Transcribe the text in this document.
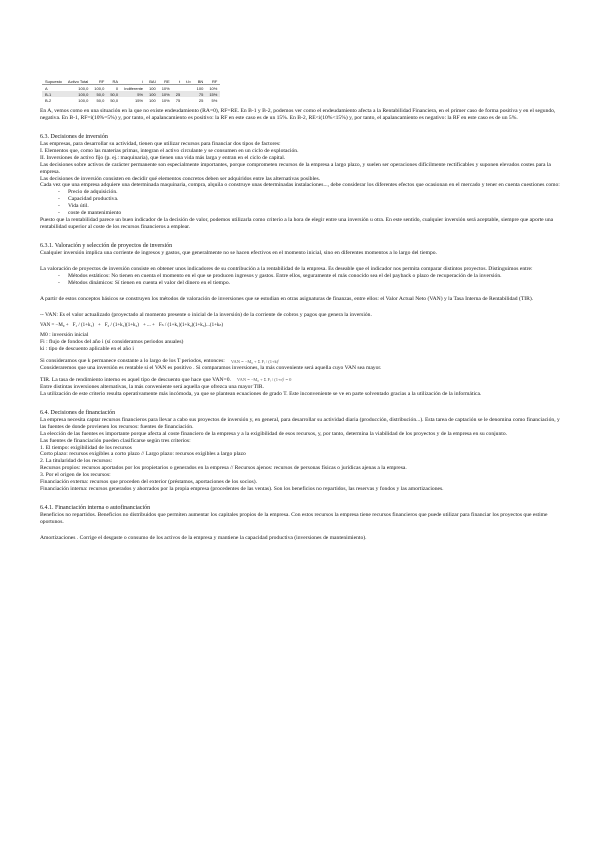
Supuesto	Activo Total	RF	RA	i	BAI	RE	t	t.b	BN	RF
A	100,0	100,0	0	Indiferente	100	10%			100	10%
B-1	100,0	50,0	50,0	5%	100	10%	25		75	15%
B-2	100,0	50,0	50,0	15%	100	10%	75		25	5%

En A, vemos como en una situación en la que no existe endeudamiento (RA=0), RF=RE. En B-1 y B-2, podemos ver como el endeudamiento afecta a la Rentabilidad Financiera, en el primer caso de forma positiva y en el segundo, negativa. En B-1, RF=i(10%=5%) y, por tanto, el apalancamiento es positivo: la RF en este caso es de un 15%. En B-2, RE<i(10%<15%) y, por tanto, el apalancamiento es negativo: la RF en este caso es de un 5%.

6.3. Decisiones de inversión

Las empresas, para desarrollar su actividad, tienen que utilizar recursos para financiar dos tipos de factores:

I. Elementos que, como las materias primas, integran el activo circulante y se consumen en un ciclo de explotación.

II. Inversiones de activo fijo (p. ej.: maquinaria), que tienen una vida más larga y entran en el ciclo de capital.

Las decisiones sobre activos de carácter permanente son especialmente importantes, porque comprometen recursos de la empresa a largo plazo, y suelen ser operaciones difícilmente rectificables y suponen elevados costes para la empresa.

Las decisiones de inversión consisten en decidir qué elementos concretos deben ser adquiridos entre las alternativas posibles.

Cada vez que una empresa adquiere una determinada maquinaria, compra, alquila o construye unas determinadas instalaciones..., debe considerar los diferentes efectos que ocasionan en el mercado y tener en cuenta cuestiones como:

- Precio de adquisición.
- Capacidad productiva.
- Vida útil.
- coste de mantenimiento

Puesto que la rentabilidad parece un buen indicador de la decisión de valor, podemos utilizarla como criterio a la hora de elegir entre una inversión u otra. En este sentido, cualquier inversión será aceptable, siempre que aporte una rentabilidad superior al coste de los recursos financieros a emplear.

6.3.1. Valoración y selección de proyectos de inversión

Cualquier inversión implica una corriente de ingresos y gastos, que generalmente no se hacen efectivos en el momento inicial, sino en diferentes momentos a lo largo del tiempo.

La valoración de proyectos de inversión consiste en obtener unos indicadores de su contribución a la rentabilidad de la empresa. Es deseable que el indicador nos permita comparar distintos proyectos. Distinguimos entre:

- Métodos estáticos: No tienen en cuenta el momento en el que se producen ingresos y gastos. Entre ellos, seguramente el más conocido sea el del payback o plazo de recuperación de la inversión.
- Métodos dinámicos: Sí tienen en cuenta el valor del dinero en el tiempo.

A partir de estos conceptos básicos se construyen los métodos de valoración de inversiones que se estudian en otras asignaturas de finanzas, entre ellos: el Valor Actual Neto (VAN) y la Tasa Interna de Rentabilidad (TIR).

-- VAN: Es el valor actualizado (proyectado al momento presente o inicial de la inversión) de la corriente de cobros y pagos que genera la inversión.

VAN = −M₀ + F₁ / (1+k₁) + F₂ / (1+k₁)(1+k₂) + ... + Fₙ / (1+k₁)(1+k₂)(1+k₃)...(1+kₙ)

M0 : inversión inicial

Fi : flujo de fondos del año i (sí consideramos periodos anuales)

ki : tipo de descuento aplicable en el año i

Si consideramos que k permanece constante a lo largo de los T periodos, entonces: VAN = −M₀ + Σ Fᵢ / (1+k)ⁱ

Consideraremos que una inversión es rentable si el VAN es positivo . Si comparamos inversiones, la más conveniente será aquella cuyo VAN sea mayor.

TIR. La tasa de rendimiento interno es aquel tipo de descuento que hace que VAN=0. VAN = −M₀ + Σ Fᵢ / (1+r)ⁱ = 0

Entre distintas inversiones alternativas, la más conveniente será aquella que ofrezca una mayor TIR.

La utilización de este criterio resulta operativamente más incómoda, ya que se plantean ecuaciones de grado T. Este inconveniente se ve en parte solventado gracias a la utilización de la informática.

6.4. Decisiones de financiación

La empresa necesita captar recursos financieros para llevar a cabo sus proyectos de inversión y, en general, para desarrollar su actividad diaria (producción, distribución...). Esta tarea de captación se le denomina como financiación, y las fuentes de donde provienen los recursos: fuentes de financiación.

La elección de las fuentes es importante porque afecta al coste financiero de la empresa y a la exigibilidad de esos recursos, y, por tanto, determina la viabilidad de los proyectos y de la empresa en su conjunto.

Las fuentes de financiación pueden clasificarse según tres criterios:

1. El tiempo: exigibilidad de los recursos

Corto plazo: recursos exigibles a corto plazo // Largo plazo: recursos exigibles a largo plazo

2. La titularidad de los recursos:

Recursos propios: recursos aportados por los propietarios o generados en la empresa // Recursos ajenos: recursos de personas físicas o jurídicas ajenas a la empresa.

3. Por el origen de los recursos:

Financiación externa: recursos que proceden del exterior (préstamos, aportaciones de los socios).

Financiación interna: recursos generados y ahorrados por la propia empresa (procedentes de las ventas). Son los beneficios no repartidos, las reservas y fondos y las amortizaciones.

6.4.1. Financiación interna o autofinanciación

Beneficios no repartidos. Beneficios no distribuidos que permiten aumentar los capitales propios de la empresa. Con estos recursos la empresa tiene recursos financieros que puede utilizar para financiar los proyectos que estime oportunos.

Amortizaciones . Corrige el desgaste o consumo de los activos de la empresa y mantiene la capacidad productiva (inversiones de mantenimiento).
